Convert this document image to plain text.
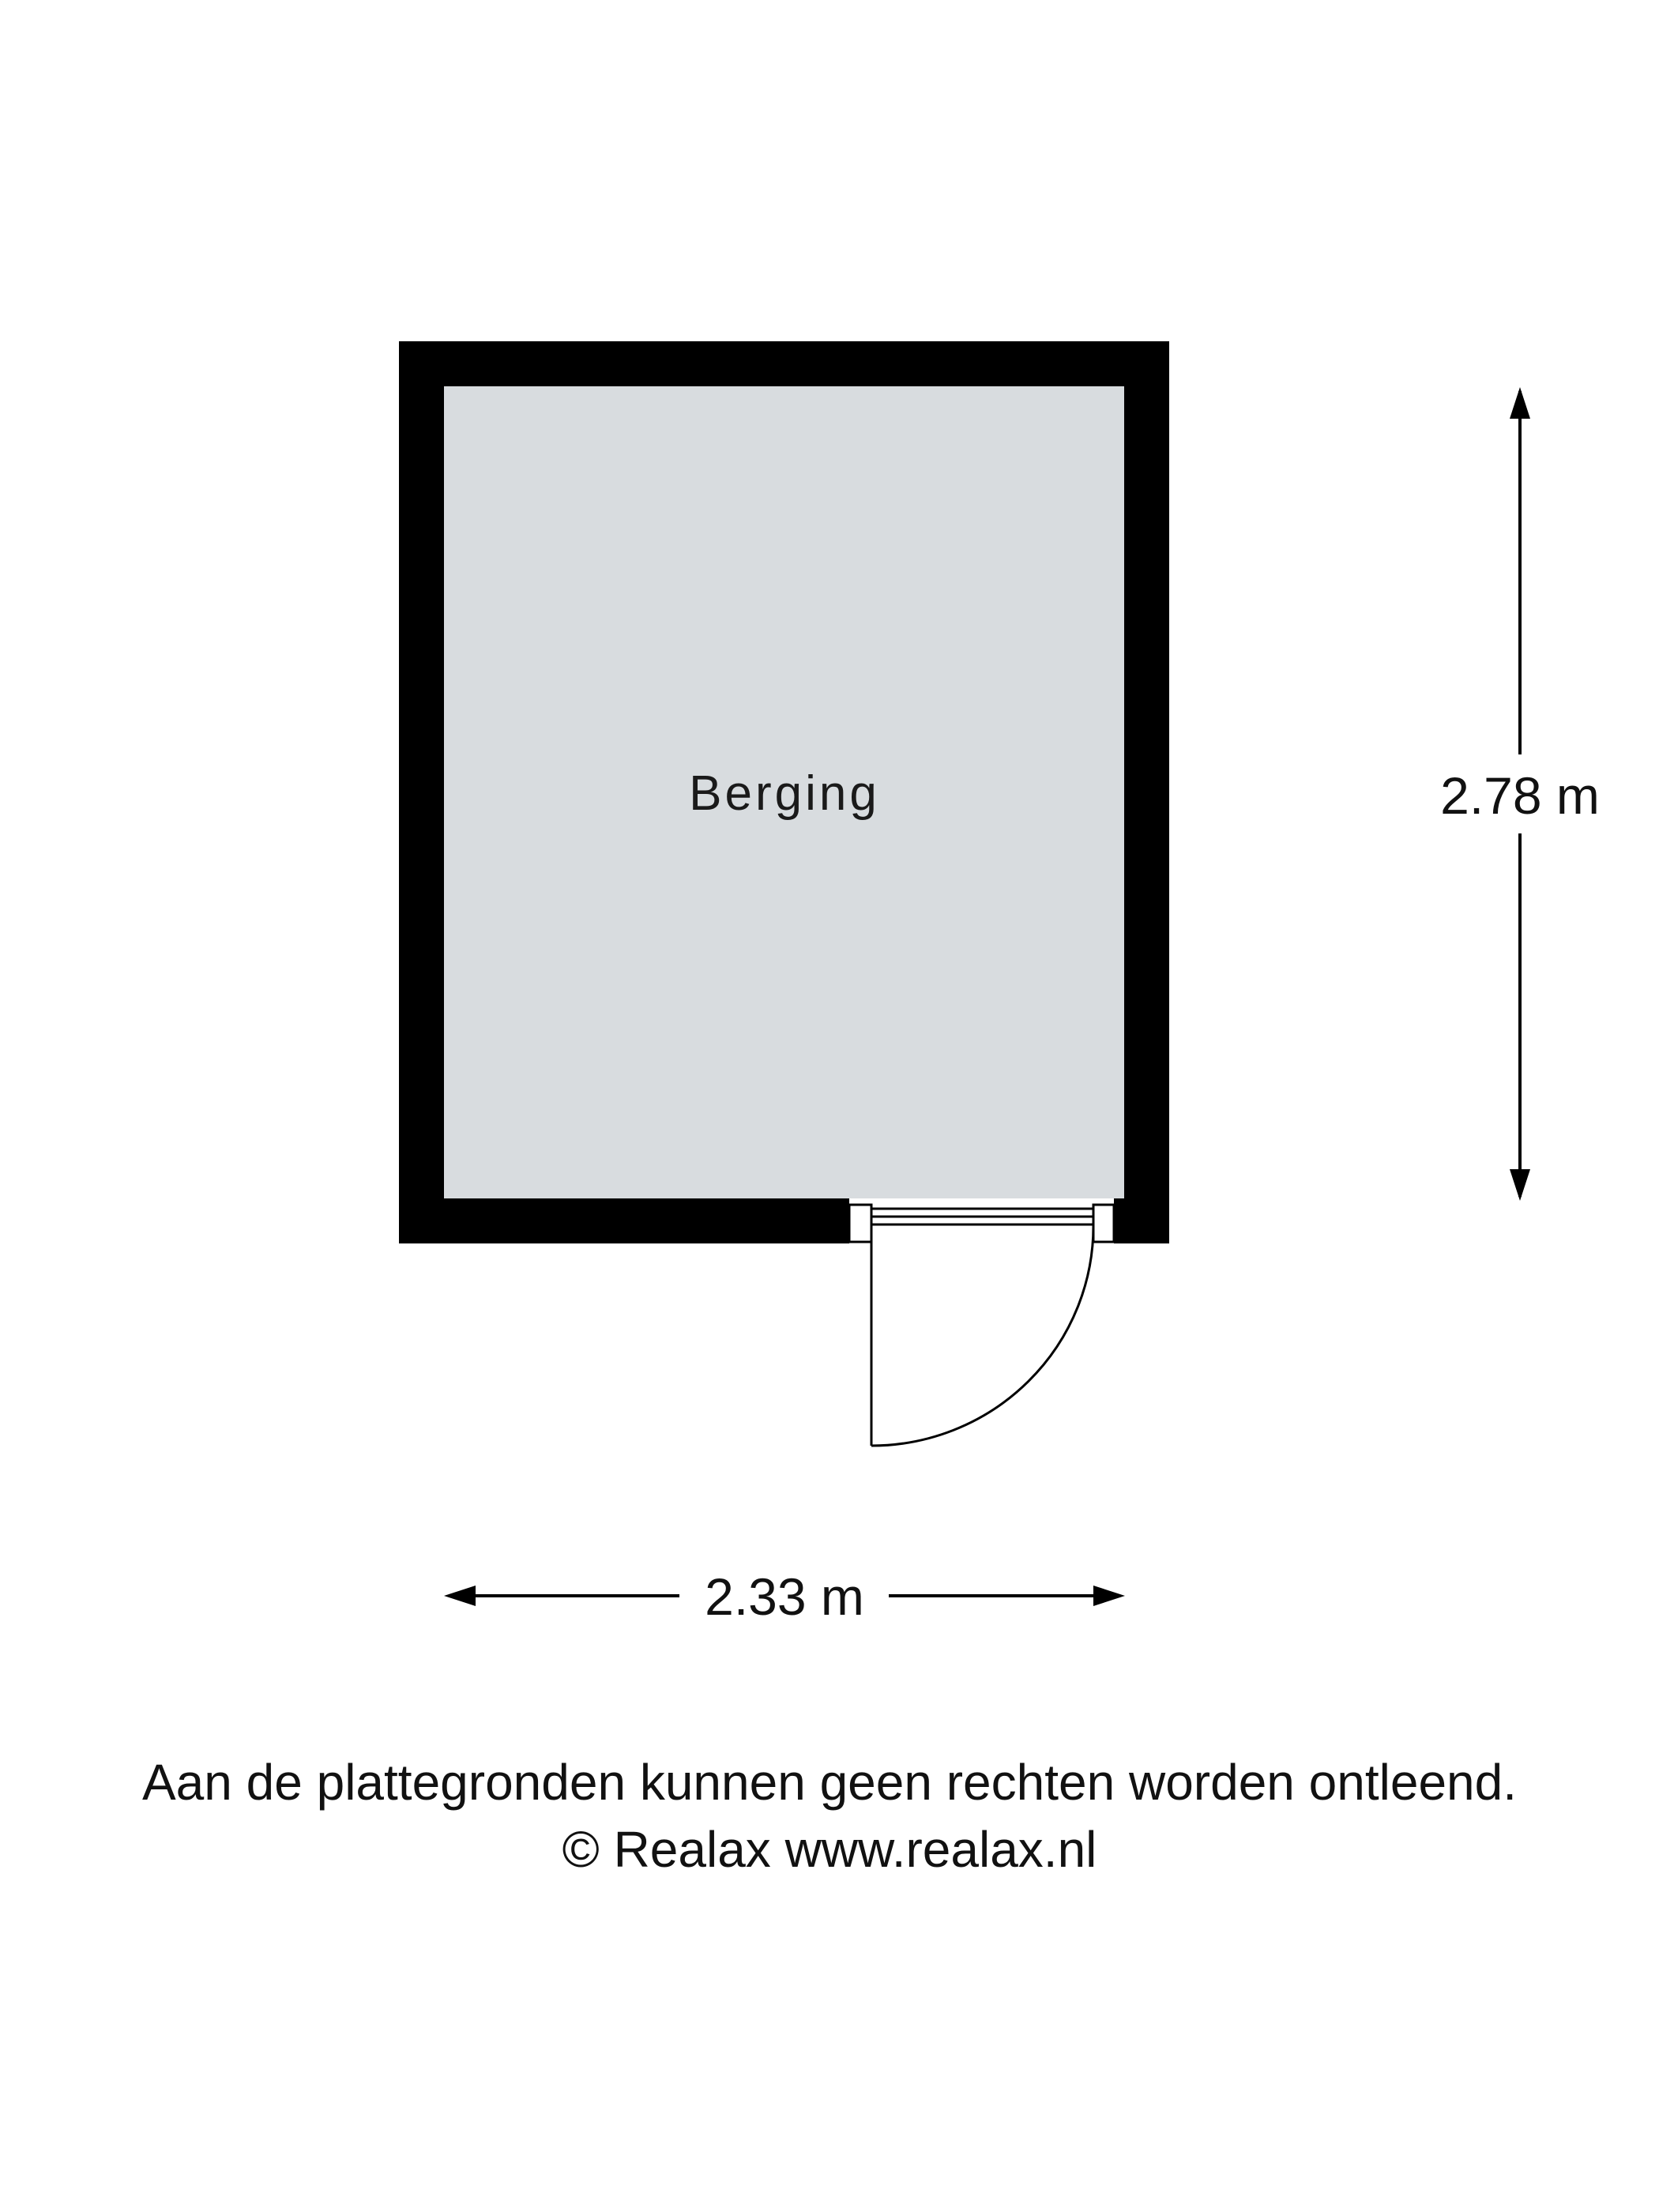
Berging	2.78 m
2.33 m
Aan de plattegronden kunnen geen rechten worden ontleend.
© Realax www.realax.nl
